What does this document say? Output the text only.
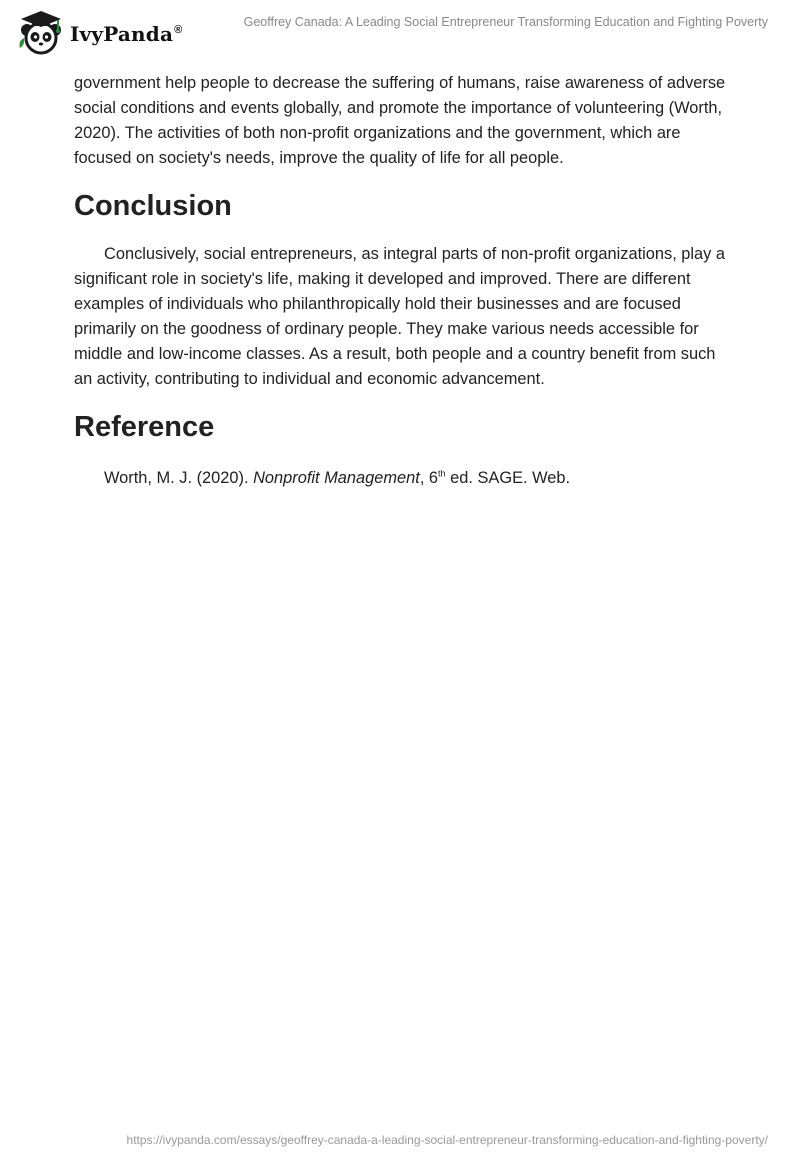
IvyPanda®
Geoffrey Canada: A Leading Social Entrepreneur Transforming Education and Fighting Poverty

government help people to decrease the suffering of humans, raise awareness of adverse social conditions and events globally, and promote the importance of volunteering (Worth, 2020). The activities of both non-profit organizations and the government, which are focused on society's needs, improve the quality of life for all people.

Conclusion

Conclusively, social entrepreneurs, as integral parts of non-profit organizations, play a significant role in society's life, making it developed and improved. There are different examples of individuals who philanthropically hold their businesses and are focused primarily on the goodness of ordinary people. They make various needs accessible for middle and low-income classes. As a result, both people and a country benefit from such an activity, contributing to individual and economic advancement.

Reference

Worth, M. J. (2020). Nonprofit Management, 6th ed. SAGE. Web.

https://ivypanda.com/essays/geoffrey-canada-a-leading-social-entrepreneur-transforming-education-and-fighting-poverty/
